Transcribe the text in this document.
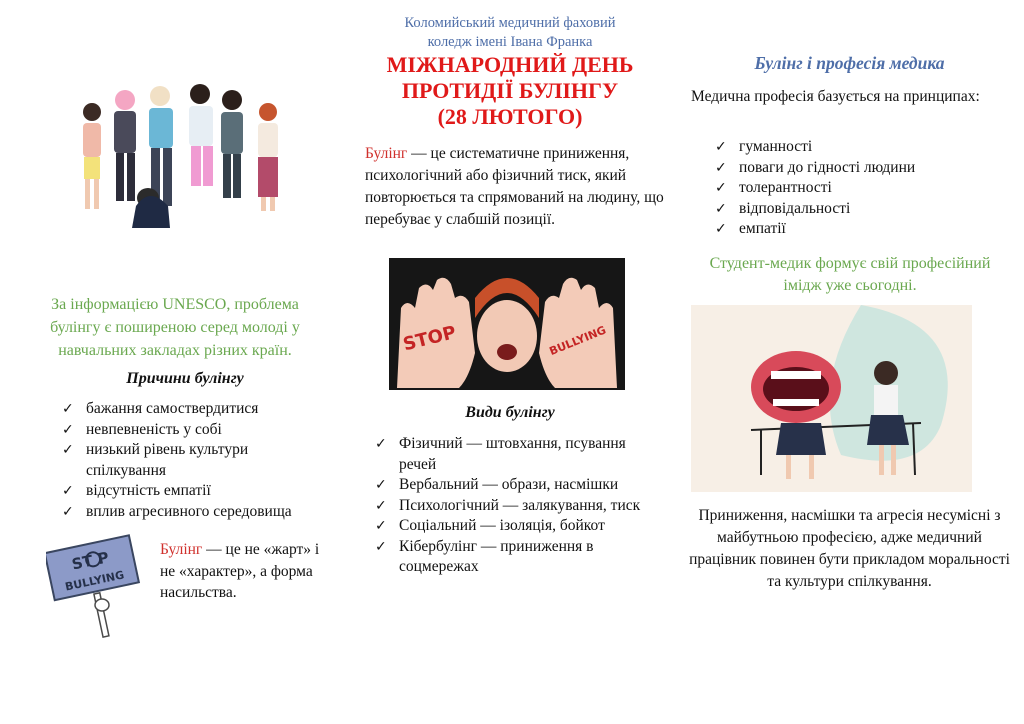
За інформацією UNESCO, проблема булінгу є поширеною серед молоді у навчальних закладах різних країн.
Причини булінгу
✓ бажання самоствердитися
✓ невпевненість у собі
✓ низький рівень культури спілкування
✓ відсутність емпатії
✓ вплив агресивного середовища
ST P
BULLYING
Булінг — це не «жарт» і не «характер», а форма насильства.
Коломийський медичний фаховий
коледж імені Івана Франка
МІЖНАРОДНИЙ ДЕНЬ
ПРОТИДІЇ БУЛІНГУ
(28 ЛЮТОГО)
Булінг — це систематичне приниження, психологічний або фізичний тиск, який повторюється та спрямований на людину, що перебуває у слабшій позиції.
STOP	BULLYING
Види булінгу
✓ Фізичний — штовхання, псування речей
✓ Вербальний — образи, насмішки
✓ Психологічний — залякування, тиск
✓ Соціальний — ізоляція, бойкот
✓ Кібербулінг — приниження в соцмережах
Булінг і професія медика
Медична професія базується на принципах:
✓ гуманності
✓ поваги до гідності людини
✓ толерантності
✓ відповідальності
✓ емпатії
Студент-медик формує свій професійний імідж уже сьогодні.
Приниження, насмішки та агресія несумісні з майбутньою професією, адже медичний працівник повинен бути прикладом моральності та культури спілкування.
